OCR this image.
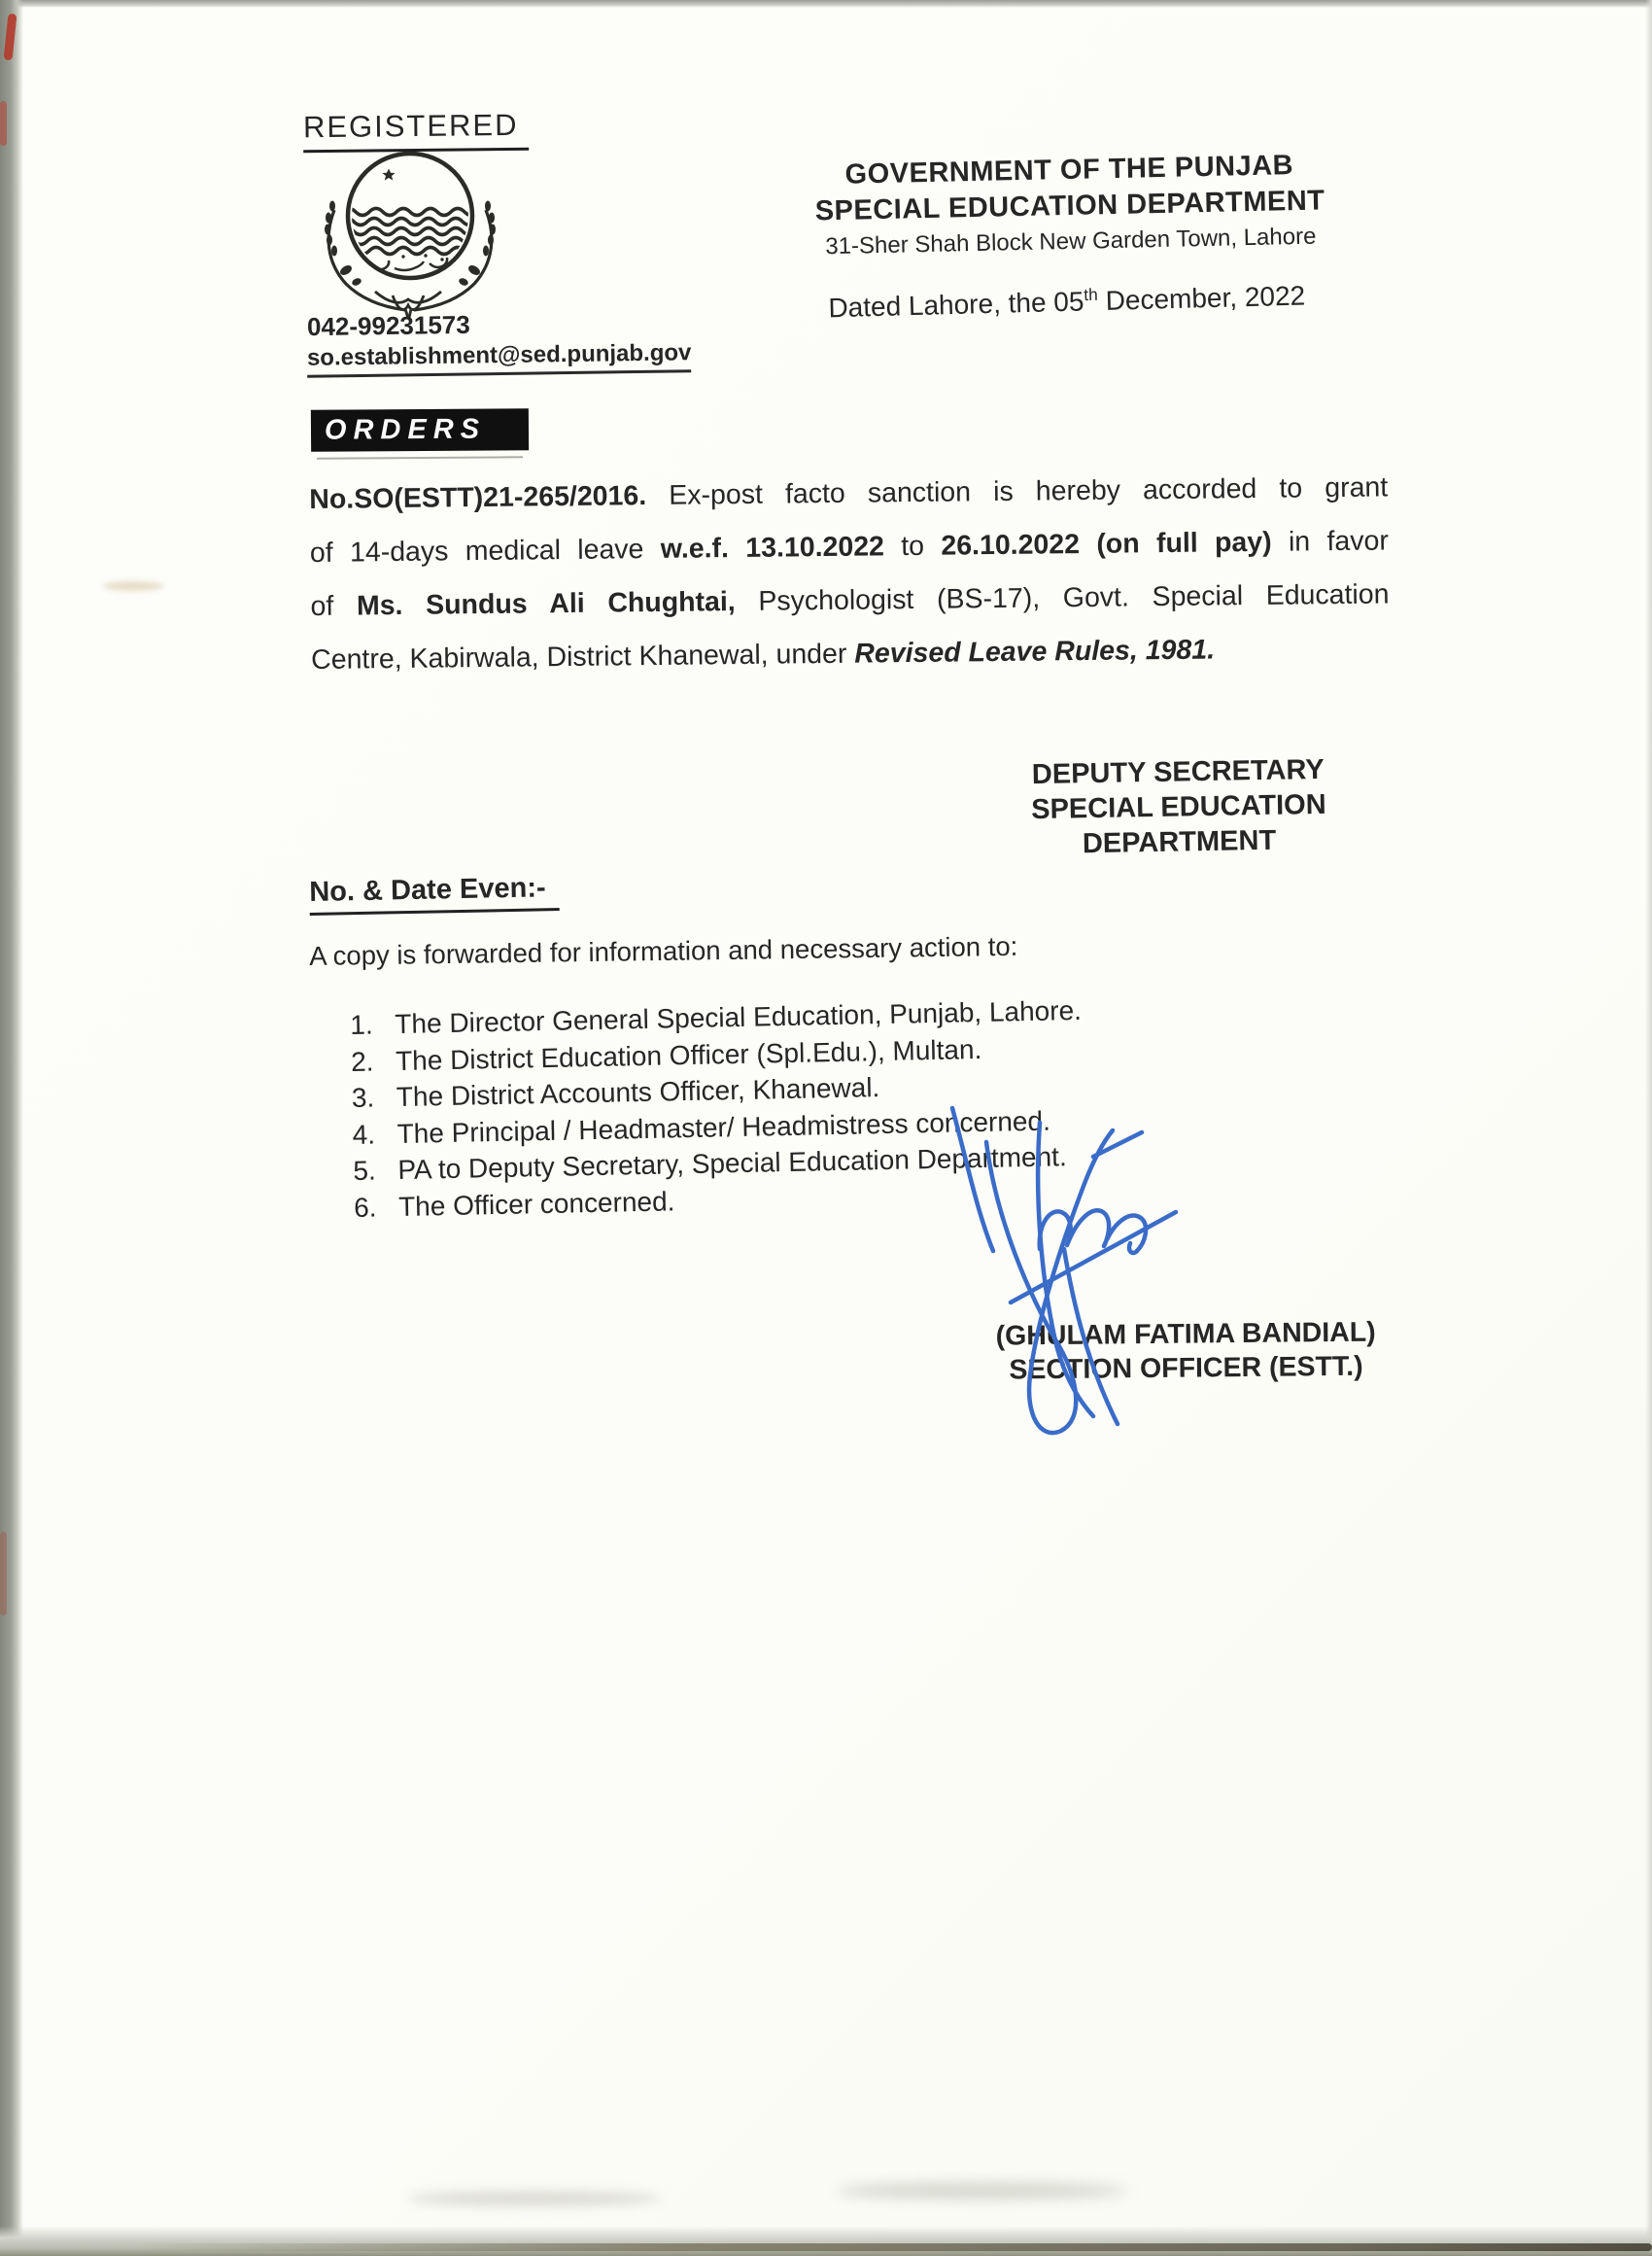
REGISTERED
042-99231573
so.establishment@sed.punjab.gov
GOVERNMENT OF THE PUNJAB
SPECIAL EDUCATION DEPARTMENT
31-Sher Shah Block New Garden Town, Lahore
Dated Lahore, the 05th December, 2022
ORDERS
No.SO(ESTT)21-265/2016. Ex-post facto sanction is hereby accorded to grant
of 14-days medical leave w.e.f. 13.10.2022 to 26.10.2022 (on full pay) in favor
of Ms. Sundus Ali Chughtai, Psychologist (BS-17), Govt. Special Education
Centre, Kabirwala, District Khanewal, under Revised Leave Rules, 1981.
DEPUTY SECRETARY
SPECIAL EDUCATION
DEPARTMENT
No. & Date Even:-
A copy is forwarded for information and necessary action to:
1. The Director General Special Education, Punjab, Lahore.
2. The District Education Officer (Spl.Edu.), Multan.
3. The District Accounts Officer, Khanewal.
4. The Principal / Headmaster/ Headmistress concerned.
5. PA to Deputy Secretary, Special Education Department.
6. The Officer concerned.
(GHULAM FATIMA BANDIAL)
SECTION OFFICER (ESTT.)
